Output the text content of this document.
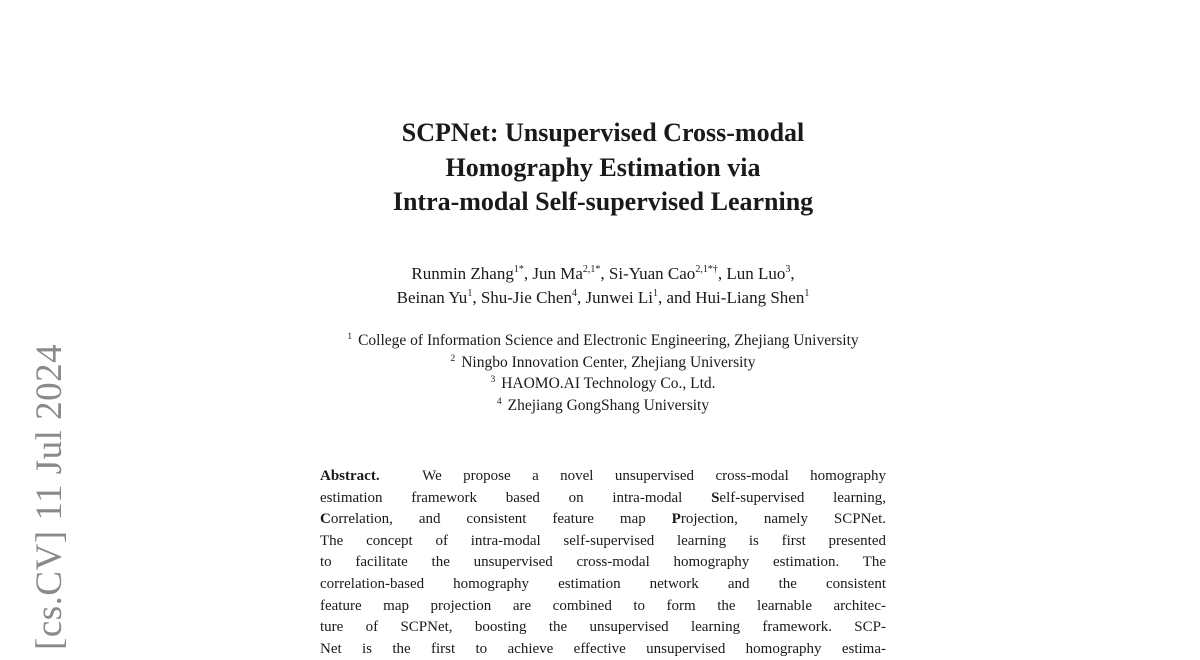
[cs.CV] 11 Jul 2024
SCPNet: Unsupervised Cross-modal
Homography Estimation via
Intra-modal Self-supervised Learning
Runmin Zhang$^{1*}$, Jun $Ma^{2,1*}$, Si-Yuan Cao$^{2,1*\dagger}$, Lun Luo$^3$,
Beinan Yu$^1$, Shu-Jie Chen$^4$, Junwei Li$^1$, and Hui-Liang Shen$^1$
$^1$ College of Information Science and Electronic Engineering, Zhejiang University
$^2$ Ningbo Innovation Center, Zhejiang University
$^3$ HAOMO.AI Technology Co., Ltd.
$^4$ Zhejiang GongShang University
Abstract.	We propose a novel unsupervised cross-modal homography
estimation framework based on intra-modal Self-supervised learning,
Correlation, and consistent feature map Projection, namely SCPNet.
The concept of intra-modal self-supervised learning is first presented
to facilitate the unsupervised cross-modal homography estimation. The
correlation-based homography estimation network and the consistent
feature map projection are combined to form the learnable architec-
ture of SCPNet, boosting the unsupervised learning framework. SCP-
Net is the first to achieve effective unsupervised homography estima-
